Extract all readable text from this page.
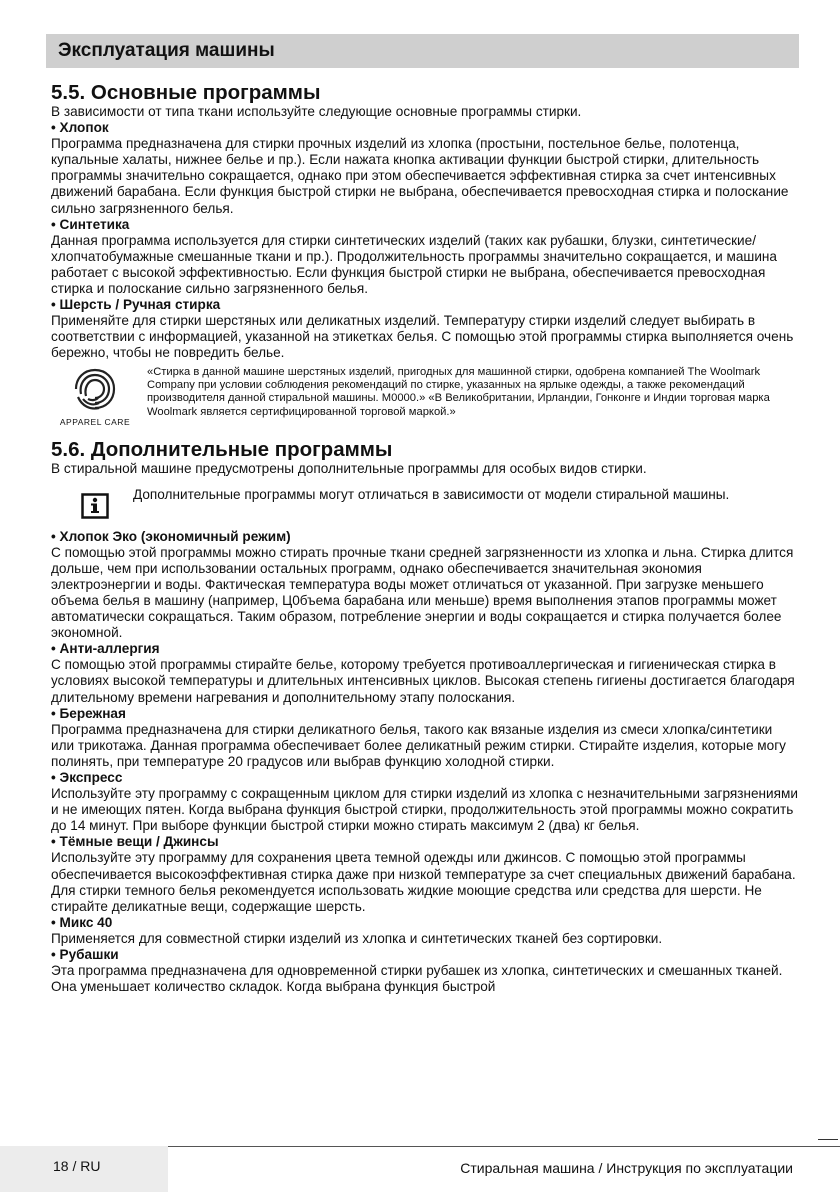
Эксплуатация машины
5.5. Основные программы

В зависимости от типа ткани используйте следующие основные программы стирки.

• Хлопок

Программа предназначена для стирки прочных изделий из хлопка (простыни, постельное белье, полотенца, купальные халаты, нижнее белье и пр.). Если нажата кнопка активации функции быстрой стирки, длительность программы значительно сокращается, однако при этом обеспечивается эффективная стирка за счет интенсивных движений барабана. Если функция быстрой стирки не выбрана, обеспечивается превосходная стирка и полоскание сильно загрязненного белья.

• Синтетика

Данная программа используется для стирки синтетических изделий (таких как рубашки, блузки, синтетические/хлопчатобумажные смешанные ткани и пр.). Продолжительность программы значительно сокращается, и машина работает с высокой эффективностью. Если функция быстрой стирки не выбрана, обеспечивается превосходная стирка и полоскание сильно загрязненного белья.

• Шерсть / Ручная стирка

Применяйте для стирки шерстяных или деликатных изделий. Температуру стирки изделий следует выбирать в соответствии с информацией, указанной на этикетках белья. С помощью этой программы стирка выполняется очень бережно, чтобы не повредить белье.

APPAREL CARE
«Стирка в данной машине шерстяных изделий, пригодных для машинной стирки, одобрена компанией The Woolmark Company при условии соблюдения рекомендаций по стирке, указанных на ярлыке одежды, а также рекомендаций производителя данной стиральной машины. M0000.» «В Великобритании, Ирландии, Гонконге и Индии торговая марка Woolmark является сертифицированной торговой маркой.»
5.6. Дополнительные программы

В стиральной машине предусмотрены дополнительные программы для особых видов стирки.

Дополнительные программы могут отличаться в зависимости от модели стиральной машины.
• Хлопок Эко (экономичный режим)

С помощью этой программы можно стирать прочные ткани средней загрязненности из хлопка и льна. Стирка длится дольше, чем при использовании остальных программ, однако обеспечивается значительная экономия электроэнергии и воды. Фактическая температура воды может отличаться от указанной. При загрузке меньшего объема белья в машину (например, Ц0бъема барабана или меньше) время выполнения этапов программы может автоматически сокращаться. Таким образом, потребление энергии и воды сокращается и стирка получается более экономной.

• Анти-аллергия

С помощью этой программы стирайте белье, которому требуется противоаллергическая и гигиеническая стирка в условиях высокой температуры и длительных интенсивных циклов. Высокая степень гигиены достигается благодаря длительному времени нагревания и дополнительному этапу полоскания.

• Бережная

Программа предназначена для стирки деликатного белья, такого как вязаные изделия из смеси хлопка/синтетики или трикотажа. Данная программа обеспечивает более деликатный режим стирки. Стирайте изделия, которые могу полинять, при температуре 20 градусов или выбрав функцию холодной стирки.

• Экспресс

Используйте эту программу с сокращенным циклом для стирки изделий из хлопка с незначительными загрязнениями и не имеющих пятен. Когда выбрана функция быстрой стирки, продолжительность этой программы можно сократить до 14 минут. При выборе функции быстрой стирки можно стирать максимум 2 (два) кг белья.

• Тёмные вещи / Джинсы

Используйте эту программу для сохранения цвета темной одежды или джинсов. С помощью этой программы обеспечивается высокоэффективная стирка даже при низкой температуре за счет специальных движений барабана. Для стирки темного белья рекомендуется использовать жидкие моющие средства или средства для шерсти. Не стирайте деликатные вещи, содержащие шерсть.

• Микс 40

Применяется для совместной стирки изделий из хлопка и синтетических тканей без сортировки.

• Рубашки

Эта программа предназначена для одновременной стирки рубашек из хлопка, синтетических и смешанных тканей. Она уменьшает количество складок. Когда выбрана функция быстрой

18 / RU	Стиральная машина / Инструкция по эксплуатации
